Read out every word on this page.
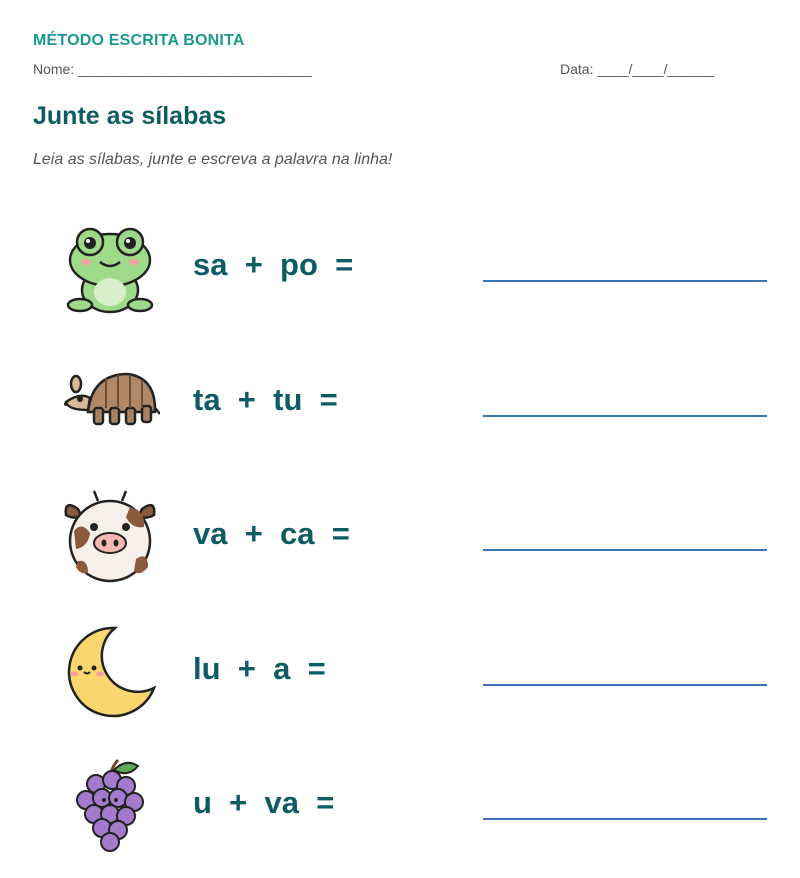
MÉTODO ESCRITA BONITA
Nome: ______________________________	Data: ____/____/______
Junte as sílabas
Leia as sílabas, junte e escreva a palavra na linha!
sa  +  po  =
ta  +  tu  =
va  +  ca  =
lu  +  a  =
u  +  va  =
